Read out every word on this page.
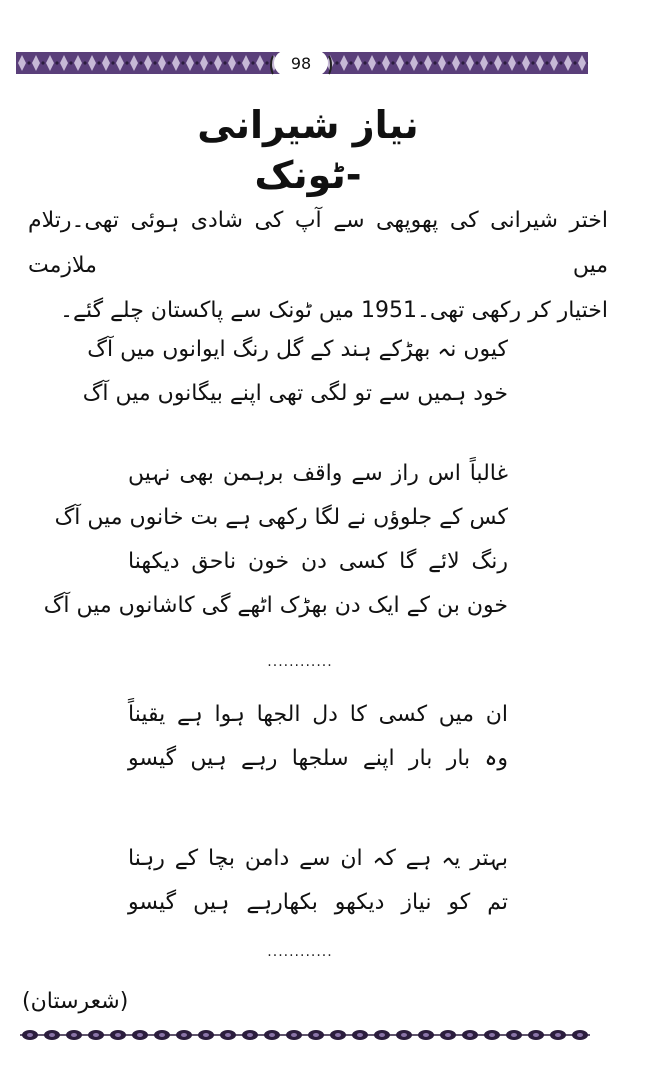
98
نیاز شیرانی -ٹونک

اختر شیرانی کی پھوپھی سے آپ کی شادی ہوئی تھی۔رتلام میں ملازمت

اختیار کر رکھی تھی۔1951 میں ٹونک سے پاکستان چلے گئے۔

کیوں نہ بھڑکے ہند کے گل رنگ ایوانوں میں آگ
خود ہمیں سے تو لگی تھی اپنے بیگانوں میں آگ
غالباً اس راز سے واقف برہمن بھی نہیں
کس کے جلوؤں نے لگا رکھی ہے بت خانوں میں آگ
رنگ لائے گا کسی دن خون ناحق دیکھنا
خون بن کے ایک دن بھڑک اٹھے گی کاشانوں میں آگ
............
ان میں کسی کا دل الجھا ہوا ہے یقیناً
وہ بار بار اپنے سلجھا رہے ہیں گیسو
بہتر یہ ہے کہ ان سے دامن بچا کے رہنا
تم کو نیاز دیکھو بکھارہے ہیں گیسو
............
(شعرستان)
